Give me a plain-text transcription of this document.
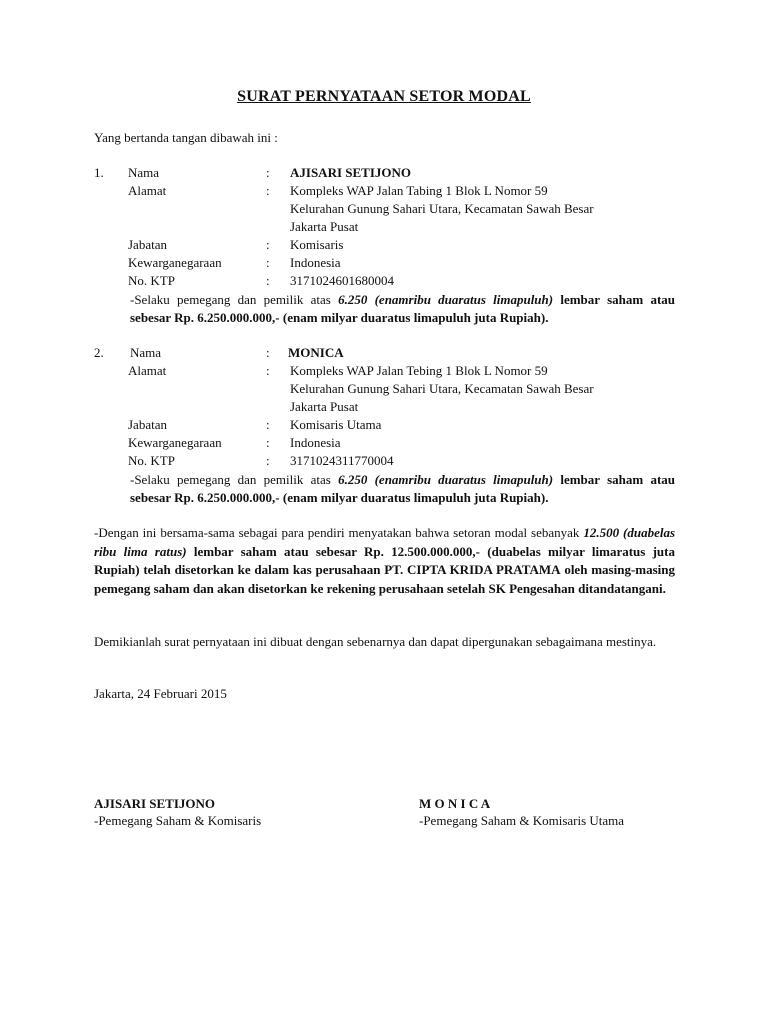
SURAT PERNYATAAN SETOR MODAL
Yang bertanda tangan dibawah ini :
1. Nama	: AJISARI SETIJONO
Alamat	: Kompleks WAP Jalan Tabing 1 Blok L Nomor 59
Kelurahan Gunung Sahari Utara, Kecamatan Sawah Besar
Jakarta Pusat
Jabatan	: Komisaris
Kewarganegaraan	: Indonesia
No. KTP	: 3171024601680004
-Selaku pemegang dan pemilik atas 6.250 (enamribu duaratus limapuluh) lembar saham atau sebesar Rp. 6.250.000.000,- (enam milyar duaratus limapuluh juta Rupiah).
2. Nama	: MONICA
Alamat	: Kompleks WAP Jalan Tebing 1 Blok L Nomor 59
Kelurahan Gunung Sahari Utara, Kecamatan Sawah Besar
Jakarta Pusat
Jabatan	: Komisaris Utama
Kewarganegaraan	: Indonesia
No. KTP	: 3171024311770004
-Selaku pemegang dan pemilik atas 6.250 (enamribu duaratus limapuluh) lembar saham atau sebesar Rp. 6.250.000.000,- (enam milyar duaratus limapuluh juta Rupiah).
-Dengan ini bersama-sama sebagai para pendiri menyatakan bahwa setoran modal sebanyak 12.500 (duabelas ribu lima ratus) lembar saham atau sebesar Rp. 12.500.000.000,- (duabelas milyar limaratus juta Rupiah) telah disetorkan ke dalam kas perusahaan PT. CIPTA KRIDA PRATAMA oleh masing-masing pemegang saham dan akan disetorkan ke rekening perusahaan setelah SK Pengesahan ditandatangani.
Demikianlah surat pernyataan ini dibuat dengan sebenarnya dan dapat dipergunakan sebagaimana mestinya.
Jakarta, 24 Februari 2015
AJISARI SETIJONO
-Pemegang Saham & Komisaris
M O N I C A
-Pemegang Saham & Komisaris Utama
